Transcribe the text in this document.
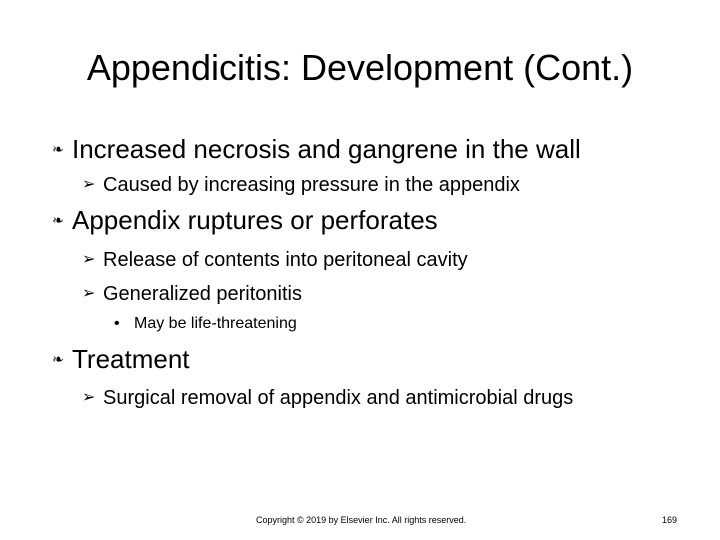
Appendicitis: Development (Cont.)
❧ Increased necrosis and gangrene in the wall
➢ Caused by increasing pressure in the appendix
❧ Appendix ruptures or perforates
➢ Release of contents into peritoneal cavity
➢ Generalized peritonitis
• May be life-threatening
❧ Treatment
➢ Surgical removal of appendix and antimicrobial drugs
Copyright © 2019 by Elsevier Inc. All rights reserved.	169
